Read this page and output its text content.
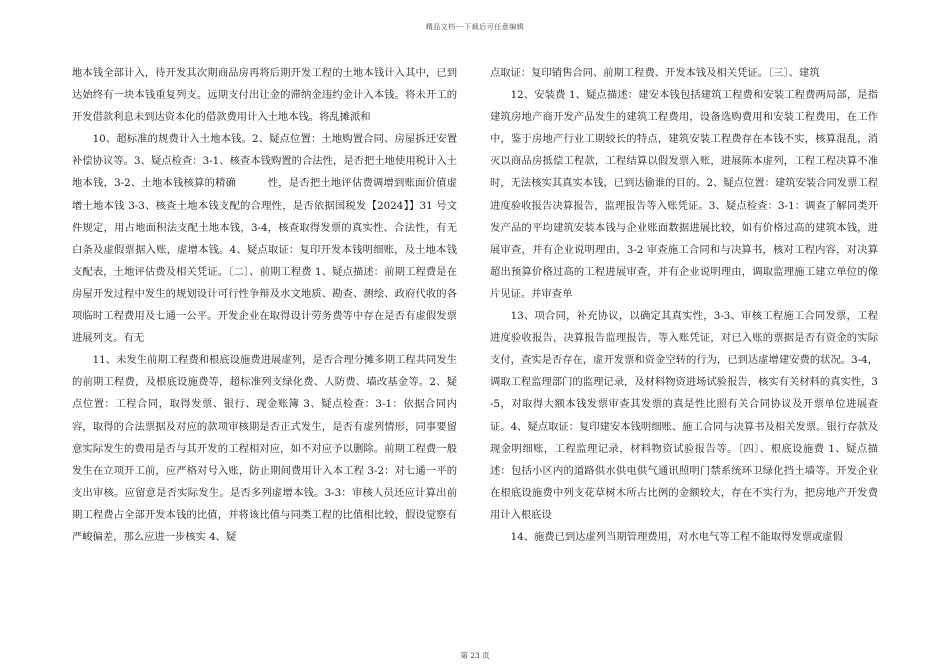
精品文档---下载后可任意编辑

地本钱全部计入，待开发其次期商品房再将后期开发工程的土地本钱计入其中，已到达始终有一块本钱重复列支。远期支付出让金的滞纳金违约金计入本钱。将未开工的开发借款利息未到达资本化的借款费用计入土地本钱。将乱摊派和

10、超标准的规费计入土地本钱。2、疑点位置：土地购置合同、房屋拆迁安置补偿协议等。3、疑点检查：3-1、核查本钱购置的合法性，是否把土地使用税计入土地本钱，3-2、土地本钱核算的精确　　　性，是否把土地评估费调增到账面价值虚增土地本钱 3-3、核查土地本钱支配的合理性，是否依据国税发【2024】】31 号文件规定，用占地面积法支配土地本钱，3-4，核查取得发票的真实性、合法性，有无白条及虚假票据入账，虚增本钱。4、疑点取证：复印开发本钱明细账，及土地本钱支配表，土地评估费及相关凭证。〔二〕、前期工程费 1、疑点描述：前期工程费是在房屋开发过程中发生的规划设计可行性争辩及水文地质、勘查、测绘、政府代收的各项临时工程费用及七通一公平。开发企业在取得设计劳务费等中存在是否有虚假发票进展列支。有无

11、未发生前期工程费和根底设施费进展虚列，是否合理分摊多期工程共同发生的前期工程费，及根底设施费等，超标准列支绿化费、人防费、墙改基金等。2、疑点位置：工程合同，取得发票、银行、现金账簿 3、疑点检查：3-1：依据合同内容，取得的合法票据及对应的款项审核期是否正式发生，是否有虚列情形，同事要留意实际发生的费用是否与其开发的工程相对应，如不对应予以删除。前期工程费一般发生在立项开工前，应严格对号入账，防止期间费用计入本工程 3-2：对七通一平的支出审核。应留意是否实际发生。是否多列虚增本钱。3-3：审核人员还应计算出前期工程费占全部开发本钱的比值，并将该比值与同类工程的比值相比较，假设觉察有严峻偏差，那么应进一步核实 4、疑

点取证：复印销售合同、前期工程费、开发本钱及相关凭证。〔三〕、建筑

12、安装费 1、疑点描述：建安本钱包括建筑工程费和安装工程费两局部，是指建筑房地产商开发产品发生的建筑工程费用，设备选购费用和安装工程费用，在工作中，鉴于房地产行业工期较长的特点，建筑安装工程费存在本钱不实，核算混乱，消灭以商品房抵偿工程款，工程结算以假发票入账，进展陈本虚列，工程工程决算不准时，无法核实其真实本钱，已到达偷谁的目的。2、疑点位置：建筑安装合同发票工程进度验收报告决算报告，监理报告等入账凭证。3、疑点检查：3-1：调查了解同类开发产品的平均建筑安装本钱与企业账面数据进展比较，如有价格过高的建筑本钱，进展审查，并有企业说明理由，3-2 审查施工合同和与决算书，核对工程内容，对决算超出预算价格过高的工程进展审查，并有企业说明理由，调取监理施工建立单位的像片见证。并审查单

13、项合同，补充协议，以确定其真实性，3-3、审核工程施工合同发票，工程进度验收报告，决算报告监理报告，等入账凭证，对已入账的票据是否有资金的实际支付，查实是否存在，虚开发票和资金空转的行为，已到达虚增建安费的状况。3-4，调取工程监理部门的监理记录，及材料物资进场试验报告，核实有关材料的真实性，3-5，对取得大额本钱发票审查其发票的真是性比照有关合同协议及开票单位进展查证。4、疑点取证：复印建安本钱明细账、施工合同与决算书及相关发票。银行存款及现金明细账，工程监理记录，材料物资试验报告等。〔四〕、根底设施费 1、疑点描述：包括小区内的道路供水供电供气通讯照明门禁系统环卫绿化挡土墙等。开发企业在根底设施费中列支花草树木所占比例的金额较大，存在不实行为，把房地产开发费用计入根底设

14、施费已到达虚列当期管理费用，对水电气等工程不能取得发票或虚假

第 23 页
